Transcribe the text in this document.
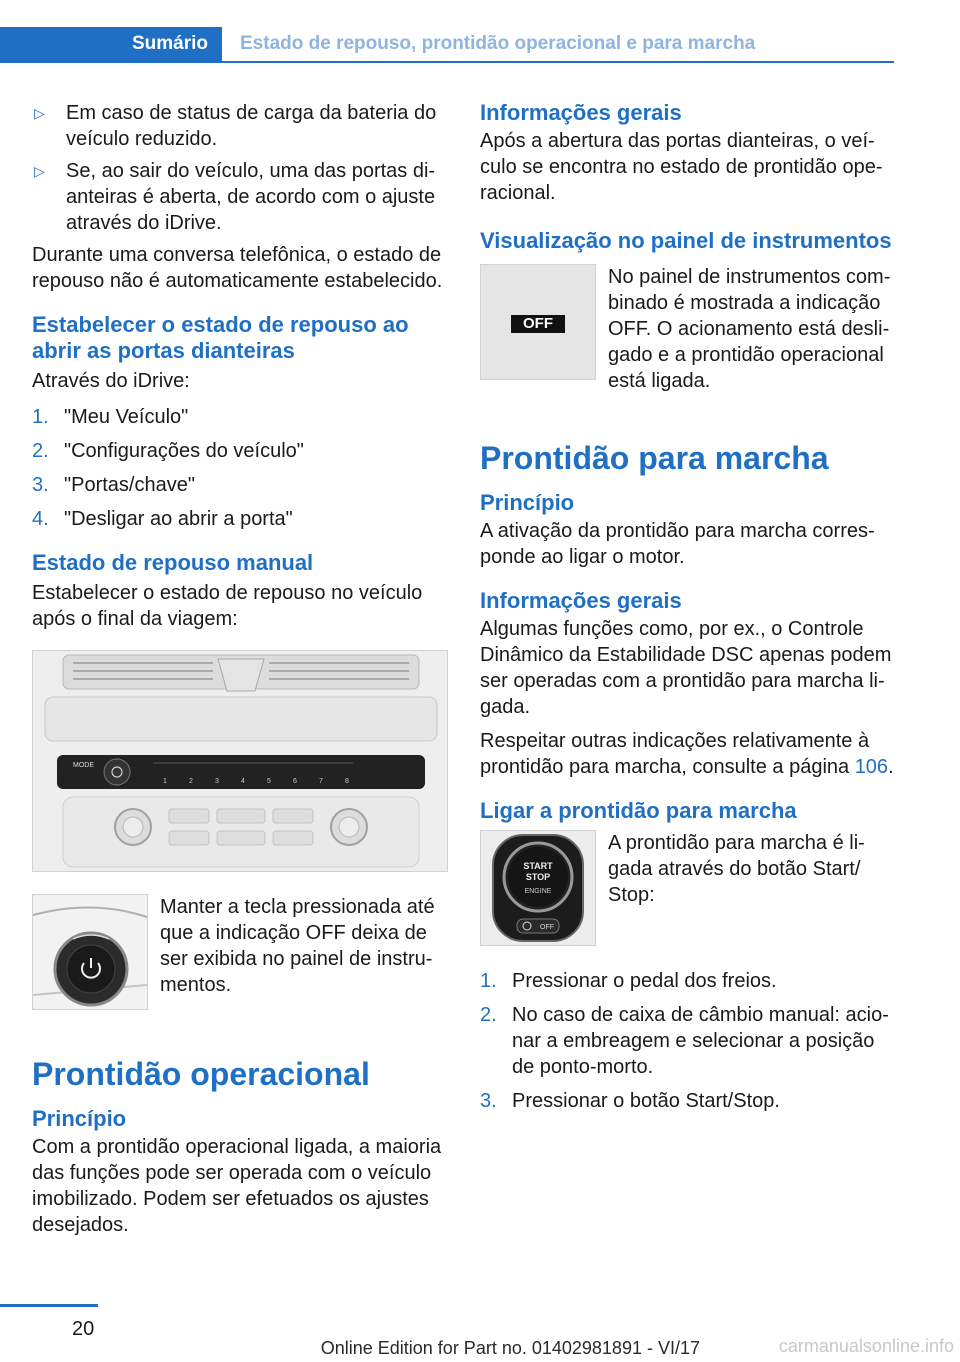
Sumário	Estado de repouso, prontidão operacional e para marcha
▷ Em caso de status de carga da bateria do veículo reduzido.
▷ Se, ao sair do veículo, uma das portas dianteiras é aberta, de acordo com o ajuste através do iDrive.

Durante uma conversa telefônica, o estado de repouso não é automaticamente estabelecido.

Estabelecer o estado de repouso ao abrir as portas dianteiras

Através do iDrive:

1. "Meu Veículo"
2. "Configurações do veículo"
3. "Portas/chave"
4. "Desligar ao abrir a porta"
Estado de repouso manual

Estabelecer o estado de repouso no veículo após o final da viagem:

MODE
1	2	3	4	5	6	7	8

Manter a tecla pressionada até que a indicação OFF deixa de ser exibida no painel de instrumentos.

Prontidão operacional
Princípio

Com a prontidão operacional ligada, a maioria das funções pode ser operada com o veículo imobilizado. Podem ser efetuados os ajustes desejados.

Informações gerais

Após a abertura das portas dianteiras, o veículo se encontra no estado de prontidão operacional.

Visualização no painel de instrumentos
OFF

No painel de instrumentos combinado é mostrada a indicação OFF. O acionamento está desligado e a prontidão operacional está ligada.

Prontidão para marcha
Princípio

A ativação da prontidão para marcha corresponde ao ligar o motor.

Informações gerais

Algumas funções como, por ex., o Controle Dinâmico da Estabilidade DSC apenas podem ser operadas com a prontidão para marcha ligada.

Respeitar outras indicações relativamente à prontidão para marcha, consulte a página 106.

Ligar a prontidão para marcha
START
STOP
ENGINE
OFF

A prontidão para marcha é ligada através do botão Start/ Stop:

1. Pressionar o pedal dos freios.
2. No caso de caixa de câmbio manual: acionar a embreagem e selecionar a posição de ponto-morto.
3. Pressionar o botão Start/Stop.
20
Online Edition for Part no. 01402981891 - VI/17	carmanualsonline.info
